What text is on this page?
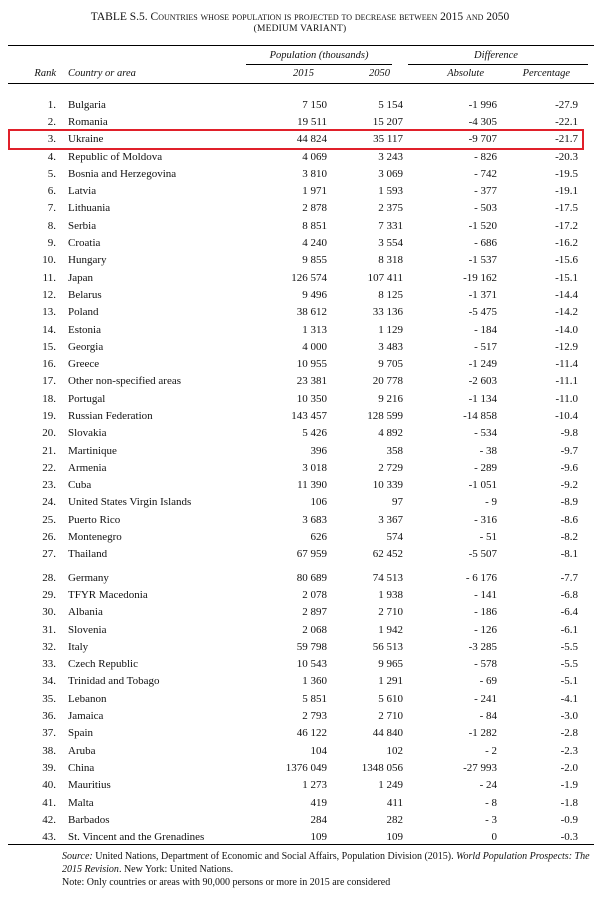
TABLE S.5. Countries whose population is projected to decrease between 2015 and 2050
(MEDIUM VARIANT)
Population (thousands)	Difference
Rank Country or area	2015	2050	Absolute	Percentage
1.	Bulgaria	7 150	5 154	-1 996	-27.9
2.	Romania	19 511	15 207	-4 305	-22.1
3.	Ukraine	44 824	35 117	-9 707	-21.7
4.	Republic of Moldova	4 069	3 243	- 826	-20.3
5.	Bosnia and Herzegovina	3 810	3 069	- 742	-19.5
6.	Latvia	1 971	1 593	- 377	-19.1
7.	Lithuania	2 878	2 375	- 503	-17.5
8.	Serbia	8 851	7 331	-1 520	-17.2
9.	Croatia	4 240	3 554	- 686	-16.2
10.	Hungary	9 855	8 318	-1 537	-15.6
11.	Japan	126 574	107 411	-19 162	-15.1
12.	Belarus	9 496	8 125	-1 371	-14.4
13.	Poland	38 612	33 136	-5 475	-14.2
14.	Estonia	1 313	1 129	- 184	-14.0
15.	Georgia	4 000	3 483	- 517	-12.9
16.	Greece	10 955	9 705	-1 249	-11.4
17.	Other non-specified areas	23 381	20 778	-2 603	-11.1
18.	Portugal	10 350	9 216	-1 134	-11.0
19.	Russian Federation	143 457	128 599	-14 858	-10.4
20.	Slovakia	5 426	4 892	- 534	-9.8
21.	Martinique	396	358	- 38	-9.7
22.	Armenia	3 018	2 729	- 289	-9.6
23.	Cuba	11 390	10 339	-1 051	-9.2
24.	United States Virgin Islands	106	97	- 9	-8.9
25.	Puerto Rico	3 683	3 367	- 316	-8.6
26.	Montenegro	626	574	- 51	-8.2
27.	Thailand	67 959	62 452	-5 507	-8.1
28.	Germany	80 689	74 513	- 6 176	-7.7
29.	TFYR Macedonia	2 078	1 938	- 141	-6.8
30.	Albania	2 897	2 710	- 186	-6.4
31.	Slovenia	2 068	1 942	- 126	-6.1
32.	Italy	59 798	56 513	-3 285	-5.5
33.	Czech Republic	10 543	9 965	- 578	-5.5
34.	Trinidad and Tobago	1 360	1 291	- 69	-5.1
35.	Lebanon	5 851	5 610	- 241	-4.1
36.	Jamaica	2 793	2 710	- 84	-3.0
37.	Spain	46 122	44 840	-1 282	-2.8
38.	Aruba	104	102	- 2	-2.3
39.	China	1376 049	1348 056	-27 993	-2.0
40.	Mauritius	1 273	1 249	- 24	-1.9
41.	Malta	419	411	- 8	-1.8
42.	Barbados	284	282	- 3	-0.9
43.	St. Vincent and the Grenadines	109	109	0	-0.3
Source: United Nations, Department of Economic and Social Affairs, Population Division (2015). World Population Prospects: The 2015 Revision. New York: United Nations.
Note: Only countries or areas with 90,000 persons or more in 2015 are considered
